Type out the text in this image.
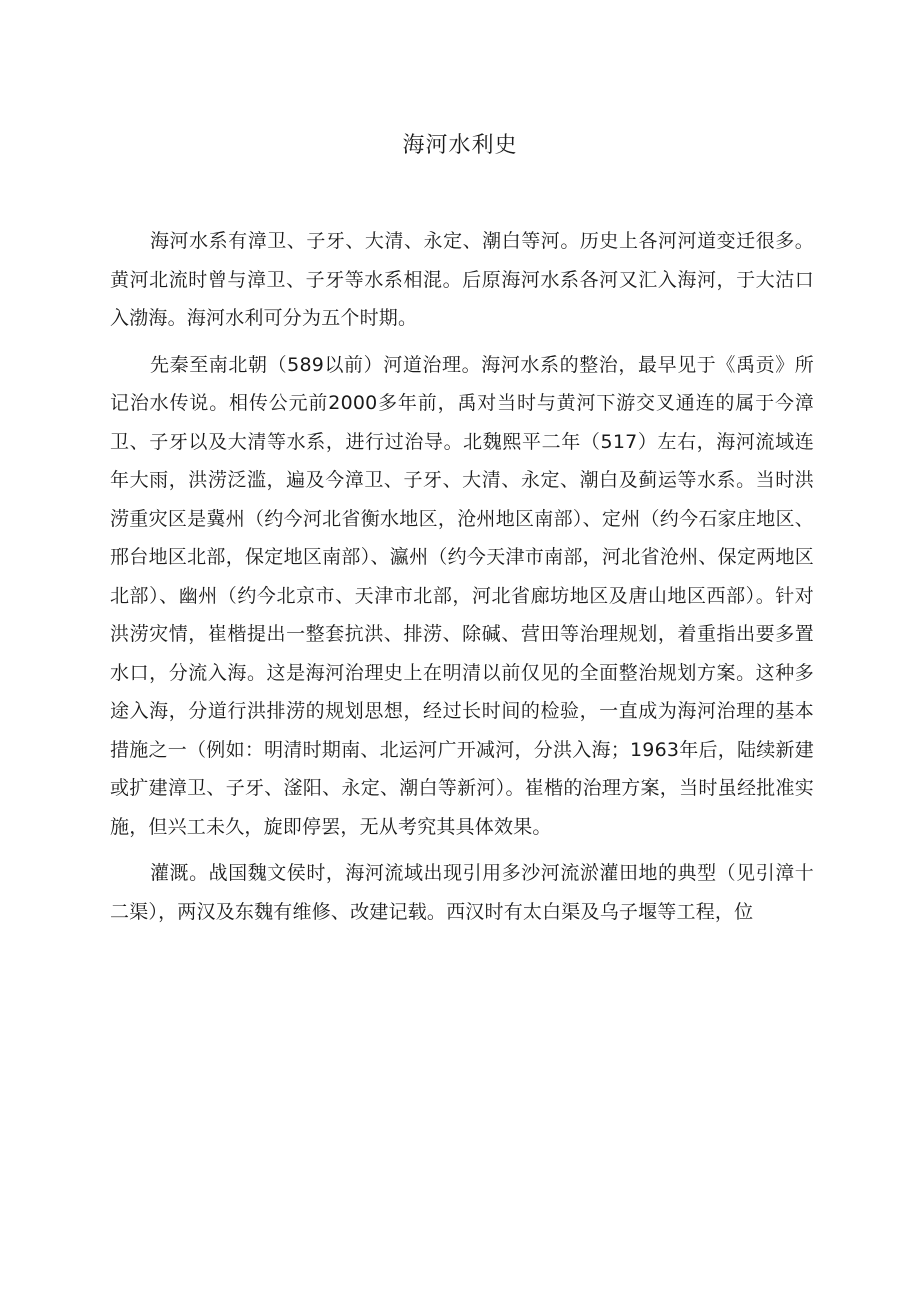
海河水利史

海河水系有漳卫、子牙、大清、永定、潮白等河。历史上各河河道变迁很多。黄河北流时曾与漳卫、子牙等水系相混。后原海河水系各河又汇入海河，于大沽口入渤海。海河水利可分为五个时期。

先秦至南北朝（589以前）河道治理。海河水系的整治，最早见于《禹贡》所记治水传说。相传公元前2000多年前，禹对当时与黄河下游交叉通连的属于今漳卫、子牙以及大清等水系，进行过治导。北魏熙平二年（517）左右，海河流域连年大雨，洪涝泛滥，遍及今漳卫、子牙、大清、永定、潮白及蓟运等水系。当时洪涝重灾区是冀州（约今河北省衡水地区，沧州地区南部）、定州（约今石家庄地区、邢台地区北部，保定地区南部）、瀛州（约今天津市南部，河北省沧州、保定两地区北部）、幽州（约今北京市、天津市北部，河北省廊坊地区及唐山地区西部）。针对洪涝灾情，崔楷提出一整套抗洪、排涝、除碱、营田等治理规划，着重指出要多置水口，分流入海。这是海河治理史上在明清以前仅见的全面整治规划方案。这种多途入海，分道行洪排涝的规划思想，经过长时间的检验，一直成为海河治理的基本措施之一（例如：明清时期南、北运河广开减河，分洪入海；1963年后，陆续新建或扩建漳卫、子牙、滏阳、永定、潮白等新河）。崔楷的治理方案，当时虽经批准实施，但兴工未久，旋即停罢，无从考究其具体效果。

灌溉。战国魏文侯时，海河流域出现引用多沙河流淤灌田地的典型（见引漳十二渠），两汉及东魏有维修、改建记载。西汉时有太白渠及乌子堰等工程，位
